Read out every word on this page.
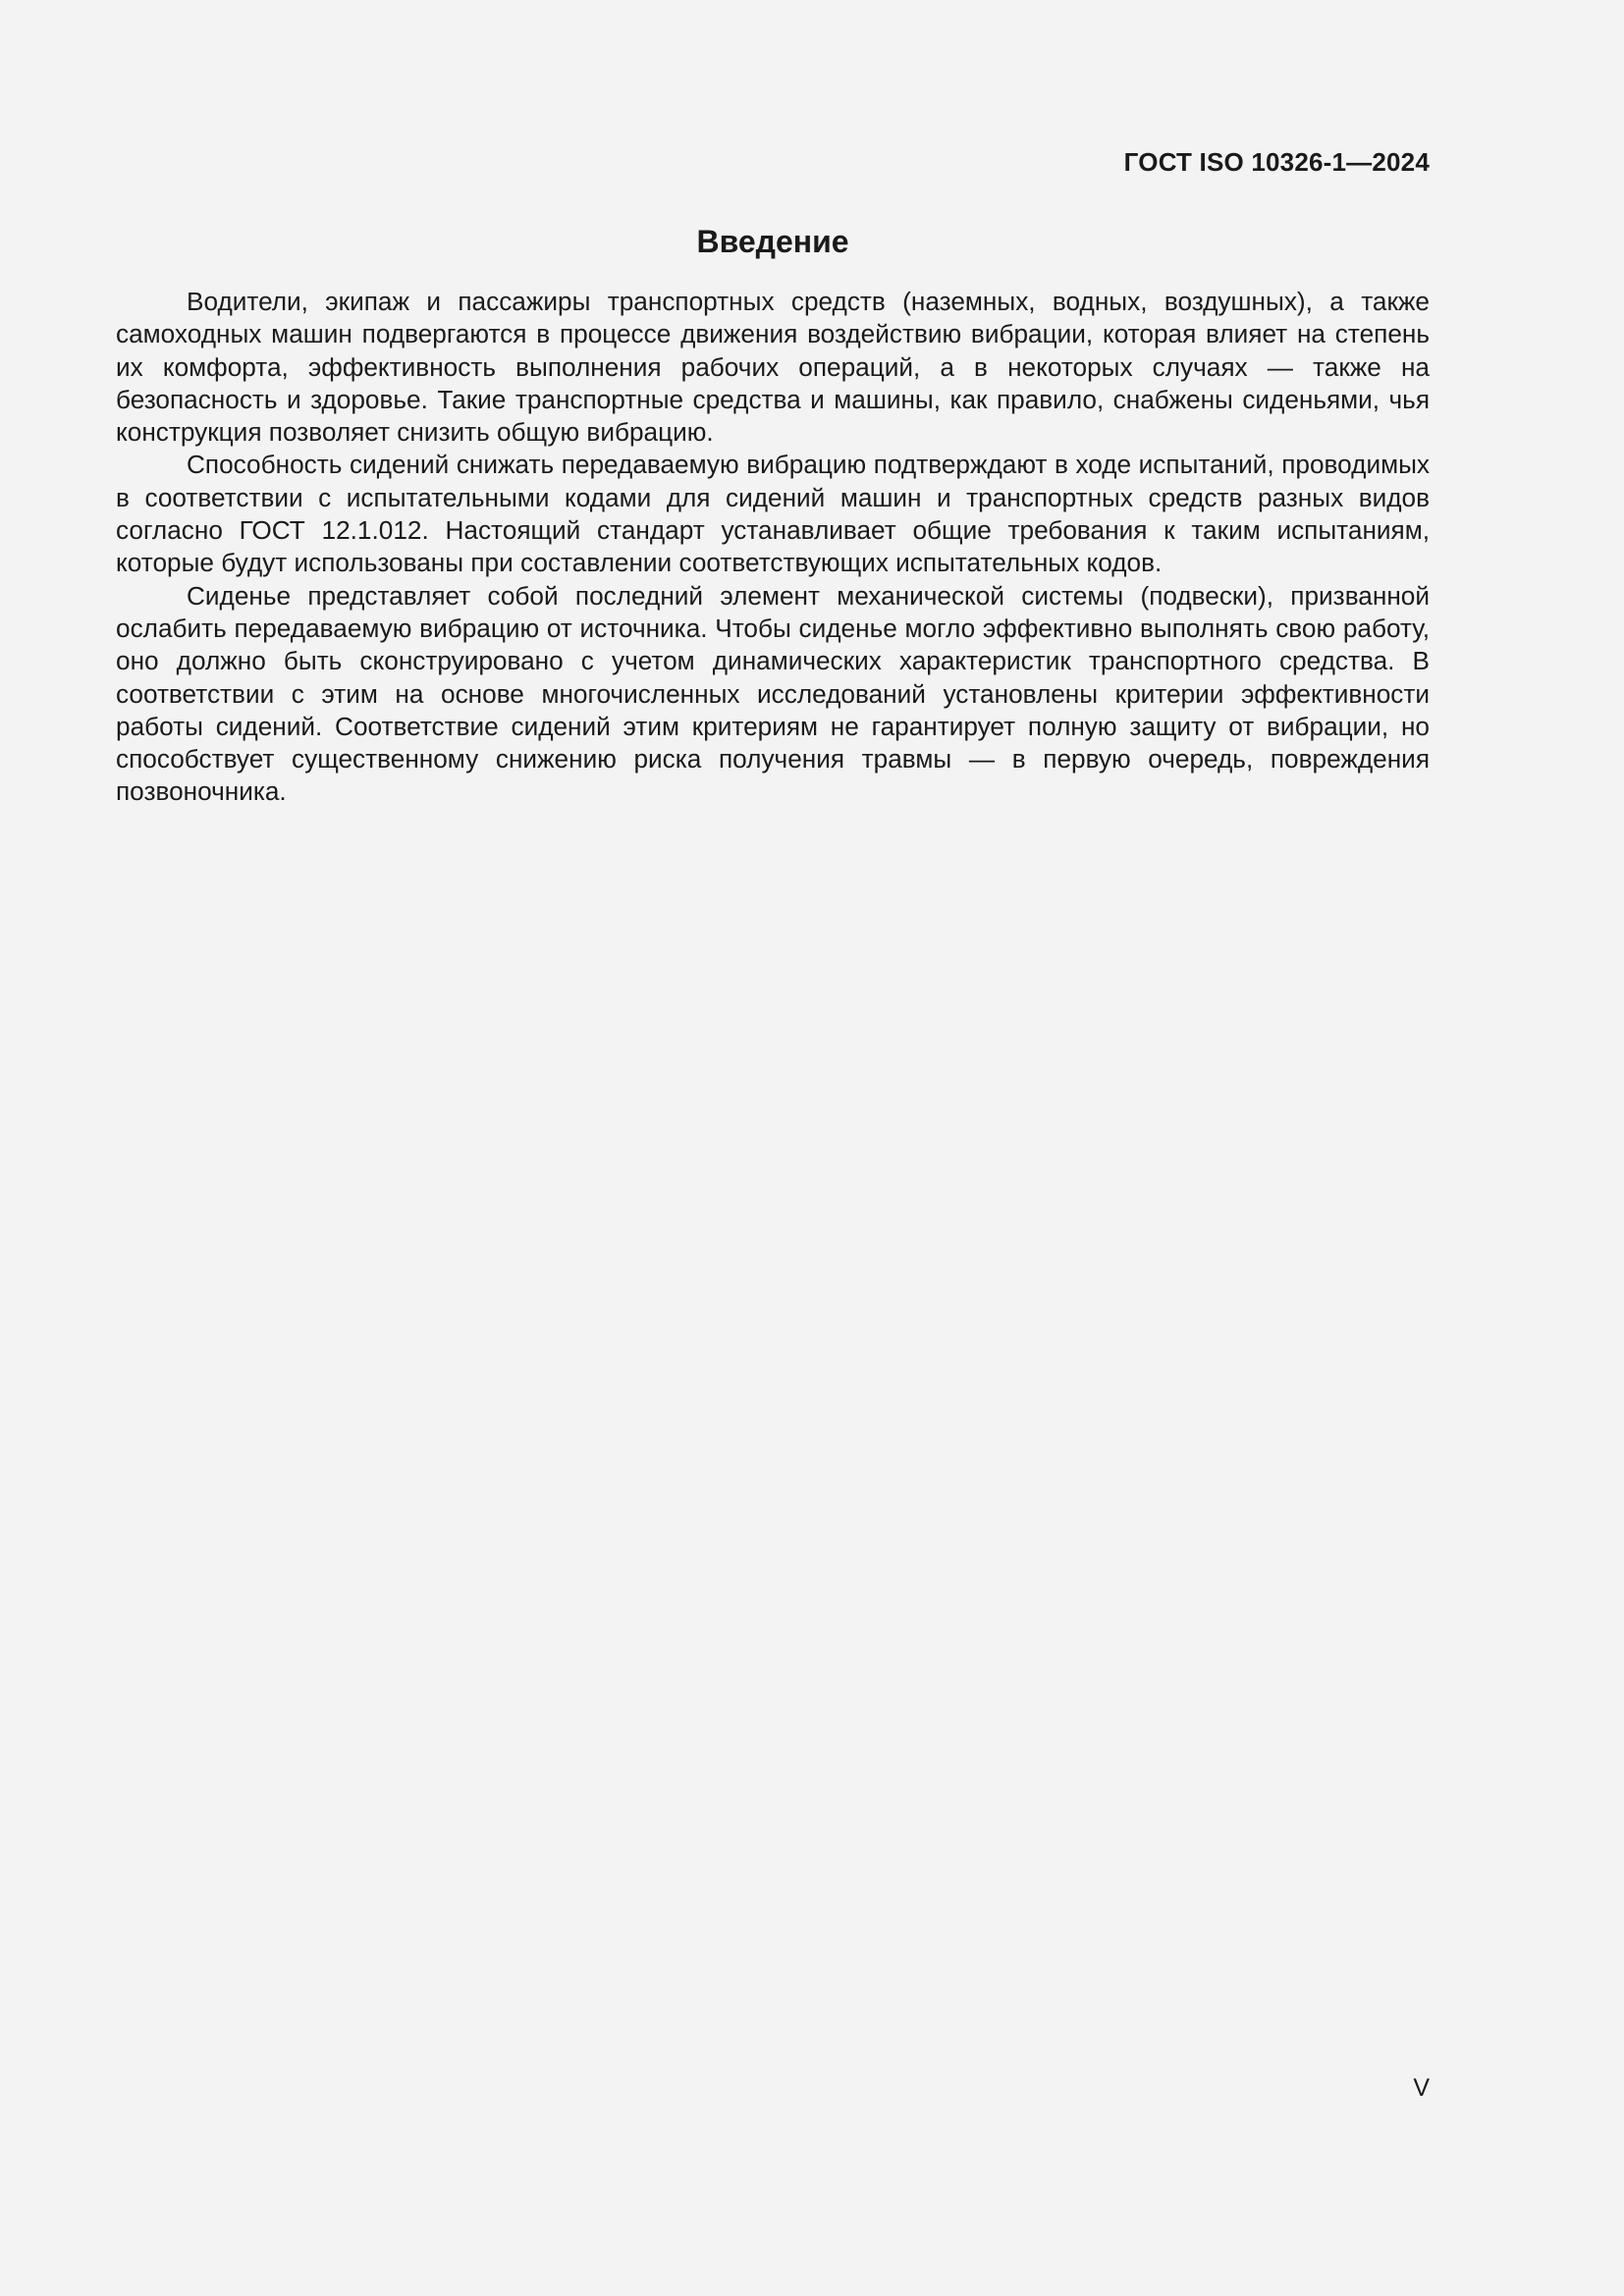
ГОСТ ISO 10326-1—2024
Введение

Водители, экипаж и пассажиры транспортных средств (наземных, водных, воздушных), а также самоходных машин подвергаются в процессе движения воздействию вибрации, которая влияет на степень их комфорта, эффективность выполнения рабочих операций, а в некоторых случаях — также на безопасность и здоровье. Такие транспортные средства и машины, как правило, снабжены сиденьями, чья конструкция позволяет снизить общую вибрацию.

Способность сидений снижать передаваемую вибрацию подтверждают в ходе испытаний, проводимых в соответствии с испытательными кодами для сидений машин и транспортных средств разных видов согласно ГОСТ 12.1.012. Настоящий стандарт устанавливает общие требования к таким испытаниям, которые будут использованы при составлении соответствующих испытательных кодов.

Сиденье представляет собой последний элемент механической системы (подвески), призванной ослабить передаваемую вибрацию от источника. Чтобы сиденье могло эффективно выполнять свою работу, оно должно быть сконструировано с учетом динамических характеристик транспортного средства. В соответствии с этим на основе многочисленных исследований установлены критерии эффективности работы сидений. Соответствие сидений этим критериям не гарантирует полную защиту от вибрации, но способствует существенному снижению риска получения травмы — в первую очередь, повреждения позвоночника.

V
